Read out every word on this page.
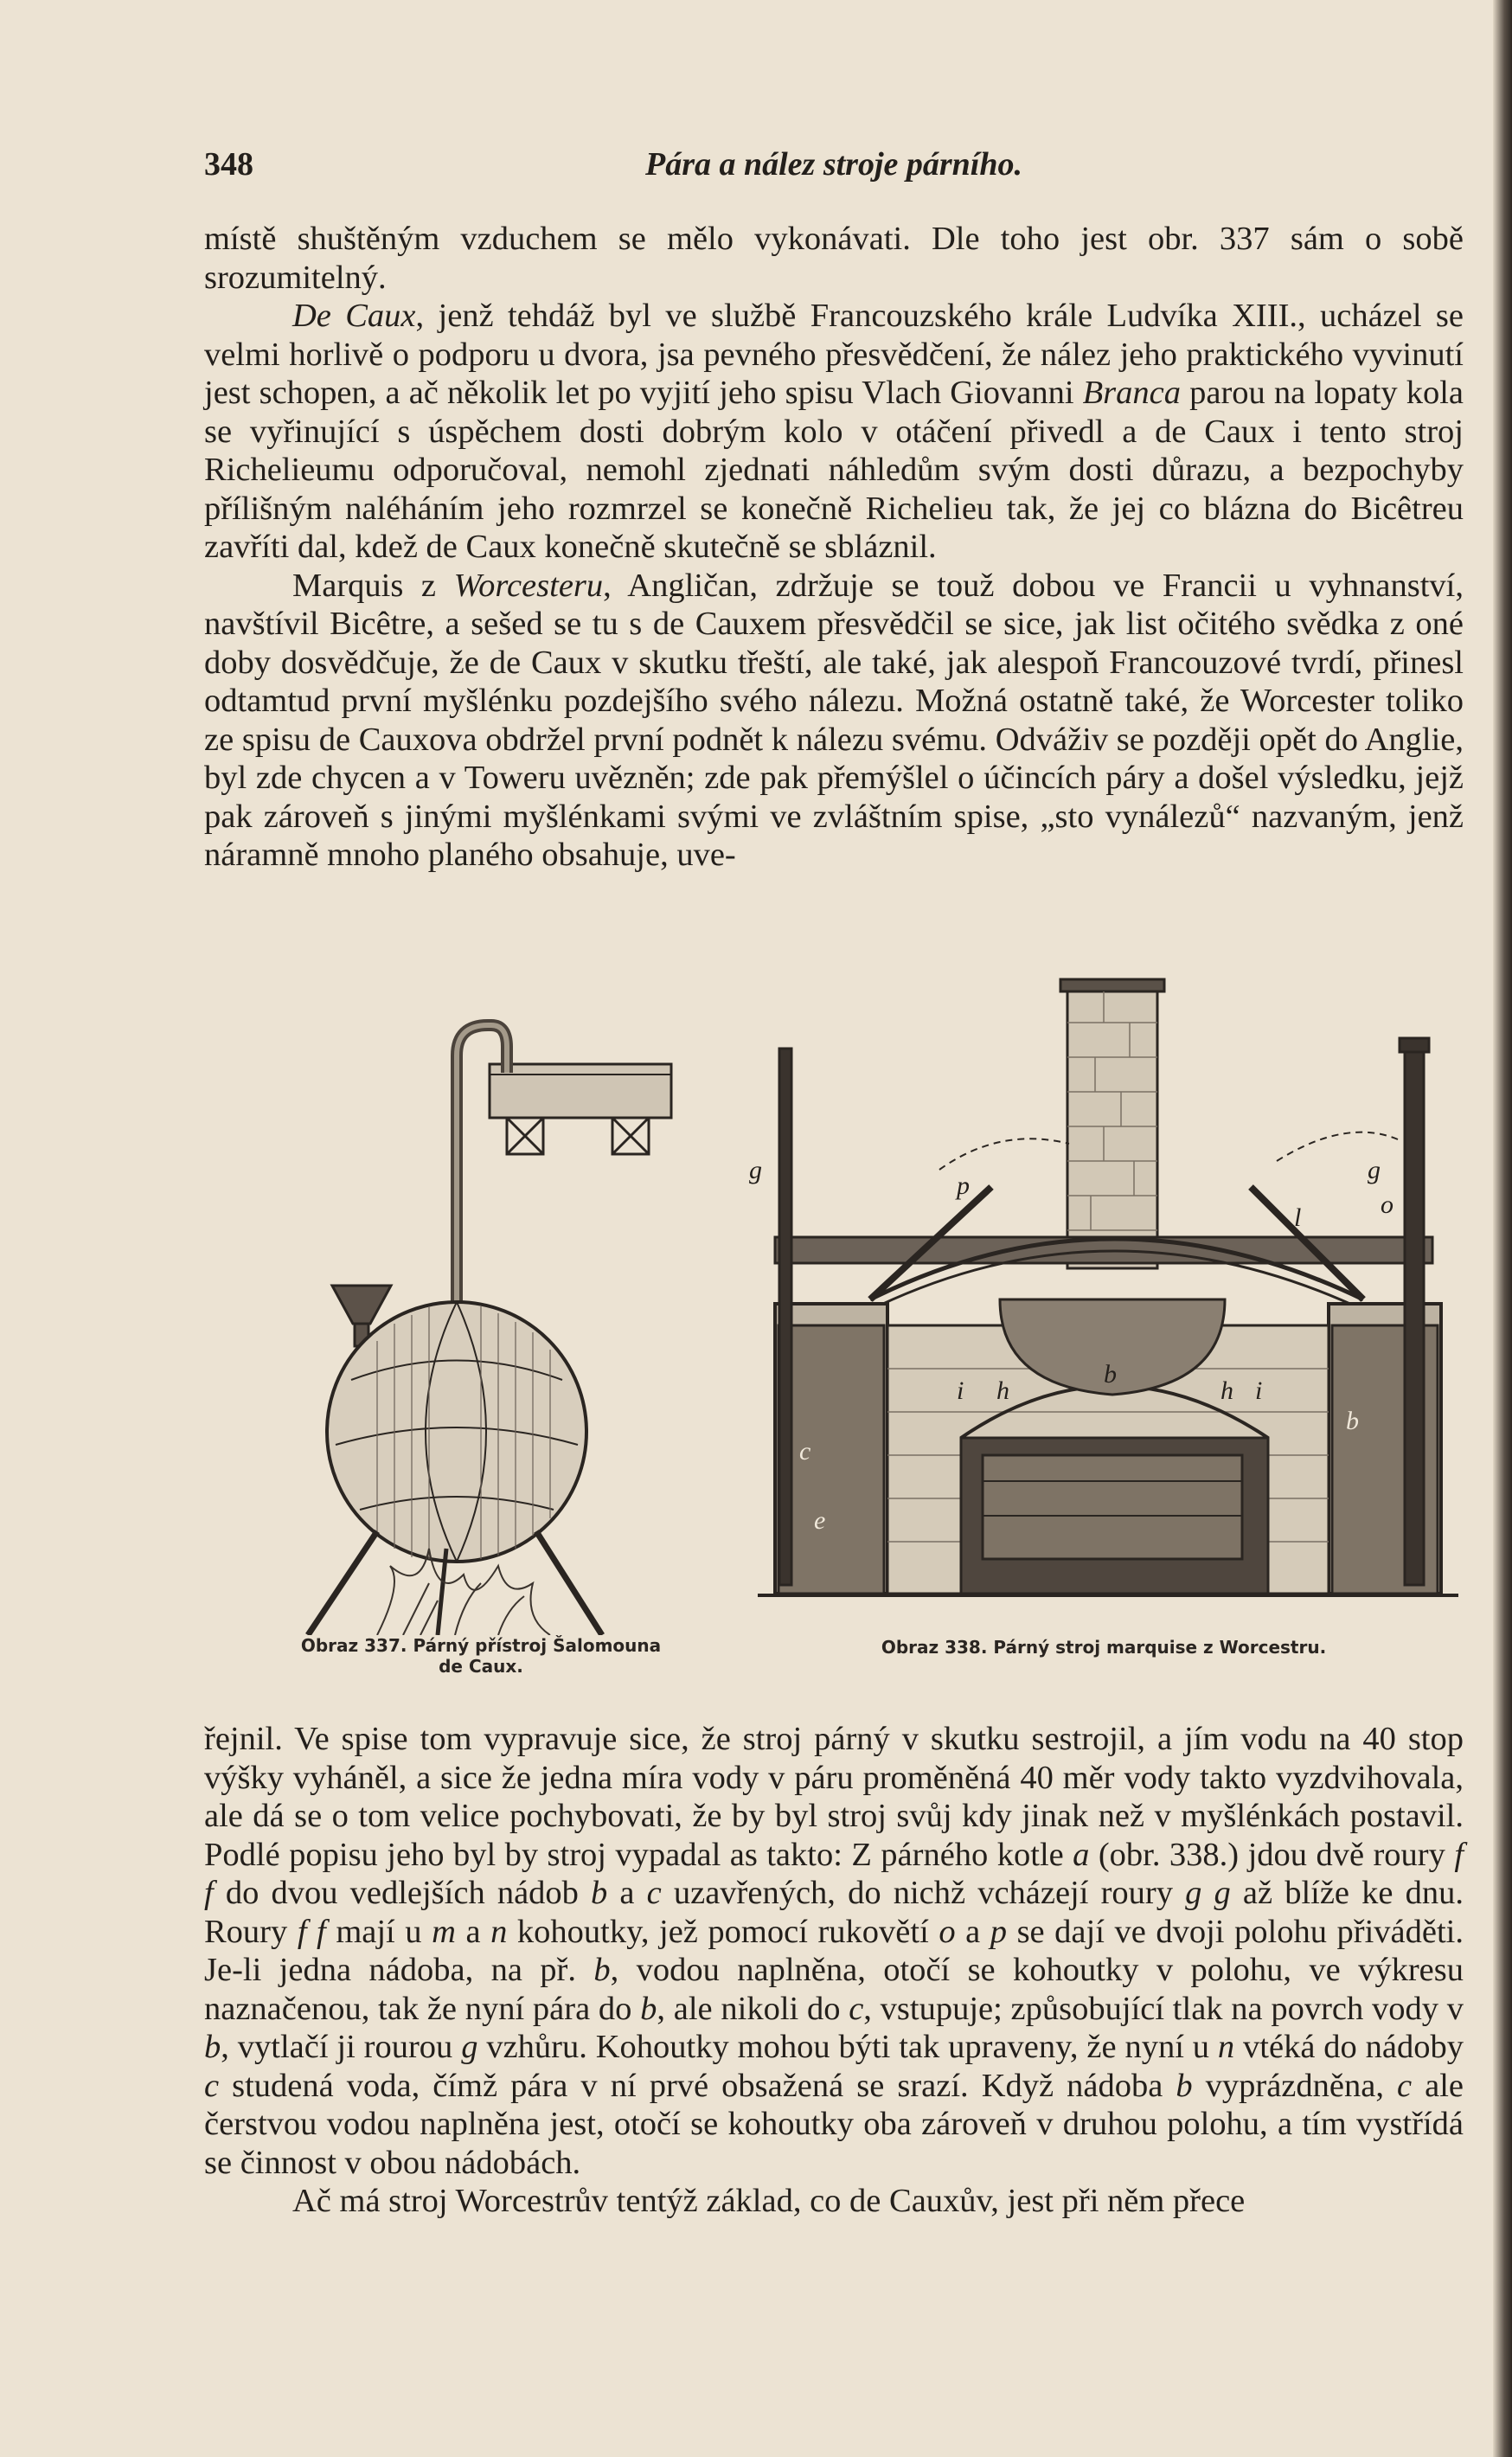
348	Pára a nález stroje párního.

místě shuštěným vzduchem se mělo vykonávati. Dle toho jest obr. 337 sám o sobě srozumitelný.

De Caux, jenž tehdáž byl ve službě Francouzského krále Ludvíka XIII., ucházel se velmi horlivě o podporu u dvora, jsa pevného přesvědčení, že nález jeho praktického vyvinutí jest schopen, a ač několik let po vyjití jeho spisu Vlach Giovanni Branca parou na lopaty kola se vyřinující s úspěchem dosti dobrým kolo v otáčení přivedl a de Caux i tento stroj Richelieumu odporučoval, nemohl zjednati náhledům svým dosti důrazu, a bezpochyby přílišným naléháním jeho rozmrzel se konečně Richelieu tak, že jej co blázna do Bicêtreu zavříti dal, kdež de Caux konečně skutečně se sbláznil.

Marquis z Worcesteru, Angličan, zdržuje se touž dobou ve Francii u vyhnanství, navštívil Bicêtre, a sešed se tu s de Cauxem přesvědčil se sice, jak list očitého svědka z oné doby dosvědčuje, že de Caux v skutku třeští, ale také, jak alespoň Francouzové tvrdí, přinesl odtamtud první myšlénku pozdejšího svého nálezu. Možná ostatně také, že Worcester toliko ze spisu de Cauxova obdržel první podnět k nálezu svému. Odváživ se později opět do Anglie, byl zde chycen a v Toweru uvězněn; zde pak přemýšlel o účincích páry a došel výsledku, jejž pak zároveň s jinými myšlénkami svými ve zvláštním spise, „sto vynálezů“ nazvaným, jenž náramně mnoho planého obsahuje, uve-

Obraz 337. Párný přístroj Šalomouna de Caux.
g	g
p
o
l
i h
b
h i
c
e
b
Obraz 338. Párný stroj marquise z Worcestru.

řejnil. Ve spise tom vypravuje sice, že stroj párný v skutku sestrojil, a jím vodu na 40 stop výšky vyháněl, a sice že jedna míra vody v páru proměněná 40 měr vody takto vyzdvihovala, ale dá se o tom velice pochybovati, že by byl stroj svůj kdy jinak než v myšlénkách postavil. Podlé popisu jeho byl by stroj vypadal as takto: Z párného kotle a (obr. 338.) jdou dvě roury f f do dvou vedlejších nádob b a c uzavřených, do nichž vcházejí roury g g až blíže ke dnu. Roury f f mají u m a n kohoutky, jež pomocí rukovětí o a p se dají ve dvoji polohu přiváděti. Je-li jedna nádoba, na př. b, vodou naplněna, otočí se kohoutky v polohu, ve výkresu naznačenou, tak že nyní pára do b, ale nikoli do c, vstupuje; způsobující tlak na povrch vody v b, vytlačí ji rourou g vzhůru. Kohoutky mohou býti tak upraveny, že nyní u n vtéká do nádoby c studená voda, čímž pára v ní prvé obsažená se srazí. Když nádoba b vyprázdněna, c ale čerstvou vodou naplněna jest, otočí se kohoutky oba zároveň v druhou polohu, a tím vystřídá se činnost v obou nádobách.

Ač má stroj Worcestrův tentýž základ, co de Cauxův, jest při něm přece
